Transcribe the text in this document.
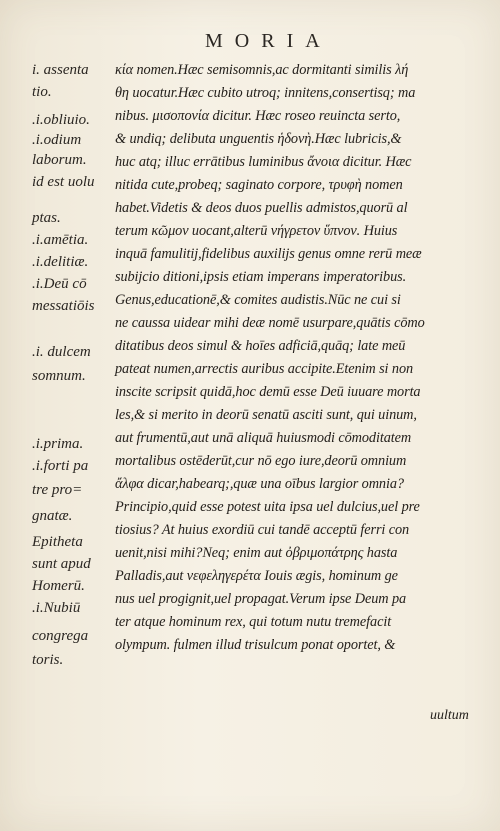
MORIA
i. assenta
tio.
.i.obliuio.
.i.odium
laborum.
id est uolu
ptas.
.i.amētia.
.i.delitiæ.
.i.Deū cō
messatiōis
.i. dulcem
somnum.
.i.prima.
.i.forti pa
tre pro=
gnatæ.
Epitheta
sunt apud
Homerū.
.i.Nubiū
congrega
toris.
κία nomen.Hæc semisomnis,ac dormitanti similis λή
θη uocatur.Hæc cubito utroq; innitens,consertisq; ma
nibus. μισοπονία dicitur. Hæc roseo reuincta serto,
& undiq; delibuta unguentis ἡδονὴ.Hæc lubricis,&
huc atq; illuc errātibus luminibus ἄνοια dicitur. Hæc
nitida cute,probeq; saginato corpore, τρυφὴ nomen
habet.Videtis & deos duos puellis admistos,quorū al
terum κῶμον uocant,alterū νήγρετον ὕπνον. Huius
inquā famulitij,fidelibus auxilijs genus omne rerū meæ
subijcio ditioni,ipsis etiam imperans imperatoribus.
Genus,educationē,& comites audistis.Nūc ne cui si
ne caussa uidear mihi deæ nomē usurpare,quātis cōmo
ditatibus deos simul & hoīes adficiā,quāq; late meū
pateat numen,arrectis auribus accipite.Etenim si non
inscite scripsit quidā,hoc demū esse Deū iuuare morta
les,& si merito in deorū senatū asciti sunt, qui uinum,
aut frumentū,aut unā aliquā huiusmodi cōmoditatem
mortalibus ostēderūt,cur nō ego iure,deorū omnium
ἄλφα dicar,habearq;,quæ una oībus largior omnia?
Principio,quid esse potest uita ipsa uel dulcius,uel pre
tiosius? At huius exordiū cui tandē acceptū ferri con
uenit,nisi mihi?Neq; enim aut ὀβριμοπάτρης hasta
Palladis,aut νεφεληγερέτα Iouis ægis, hominum ge
nus uel progignit,uel propagat.Verum ipse Deum pa
ter atque hominum rex, qui totum nutu tremefacit
olympum. fulmen illud trisulcum ponat oportet, &
uultum
